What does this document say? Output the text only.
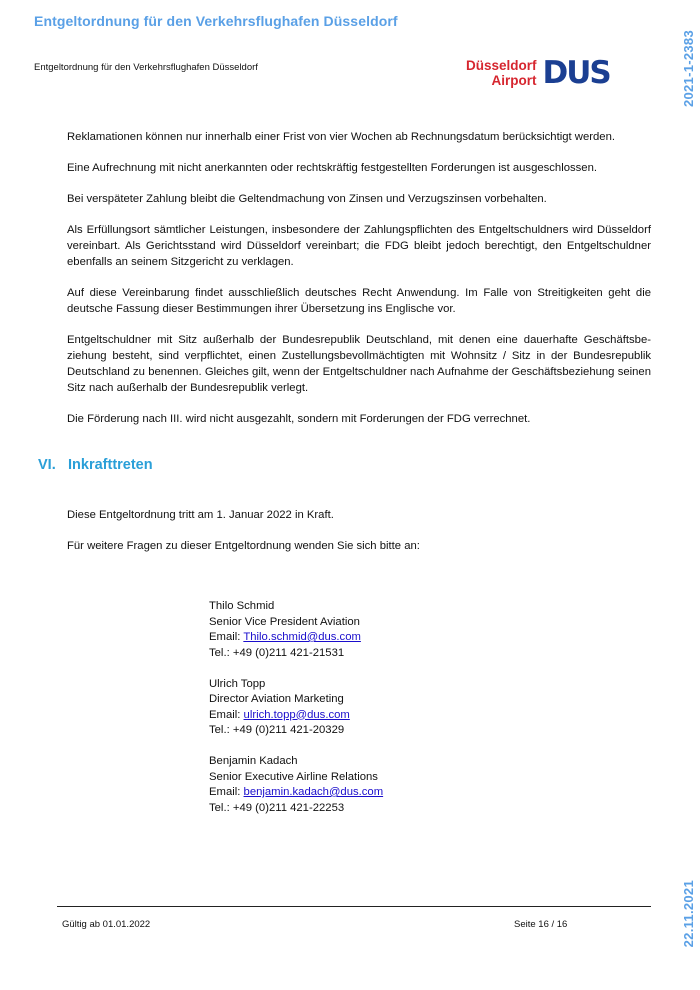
Entgeltordnung für den Verkehrsflughafen Düsseldorf
2021-1-2383
22.11.2021
Entgeltordnung für den Verkehrsflughafen Düsseldorf	Düsseldorf
Airport DUS

Reklamationen können nur innerhalb einer Frist von vier Wochen ab Rechnungsdatum berücksichtigt werden.

Eine Aufrechnung mit nicht anerkannten oder rechtskräftig festgestellten Forderungen ist ausgeschlossen.

Bei verspäteter Zahlung bleibt die Geltendmachung von Zinsen und Verzugszinsen vorbehalten.

Als Erfüllungsort sämtlicher Leistungen, insbesondere der Zahlungspflichten des Entgeltschuldners wird Düsseldorf vereinbart. Als Gerichtsstand wird Düsseldorf vereinbart; die FDG bleibt jedoch berechtigt, den Entgeltschuldner ebenfalls an seinem Sitzgericht zu verklagen.

Auf diese Vereinbarung findet ausschließlich deutsches Recht Anwendung. Im Falle von Streitigkeiten geht die deutsche Fassung dieser Bestimmungen ihrer Übersetzung ins Englische vor.

Entgeltschuldner mit Sitz außerhalb der Bundesrepublik Deutschland, mit denen eine dauerhafte Geschäftsbeziehung besteht, sind verpflichtet, einen Zustellungsbevollmächtigten mit Wohnsitz / Sitz in der Bundesrepublik Deutschland zu benennen. Gleiches gilt, wenn der Entgeltschuldner nach Aufnahme der Geschäftsbeziehung seinen Sitz nach außerhalb der Bundesrepublik verlegt.

Die Förderung nach III. wird nicht ausgezahlt, sondern mit Forderungen der FDG verrechnet.

VI. Inkrafttreten

Diese Entgeltordnung tritt am 1. Januar 2022 in Kraft.

Für weitere Fragen zu dieser Entgeltordnung wenden Sie sich bitte an:

Thilo Schmid
Senior Vice President Aviation
Email: Thilo.schmid@dus.com
Tel.: +49 (0)211 421-21531
Ulrich Topp
Director Aviation Marketing
Email: ulrich.topp@dus.com
Tel.: +49 (0)211 421-20329
Benjamin Kadach
Senior Executive Airline Relations
Email: benjamin.kadach@dus.com
Tel.: +49 (0)211 421-22253
Gültig ab 01.01.2022	Seite 16 / 16
